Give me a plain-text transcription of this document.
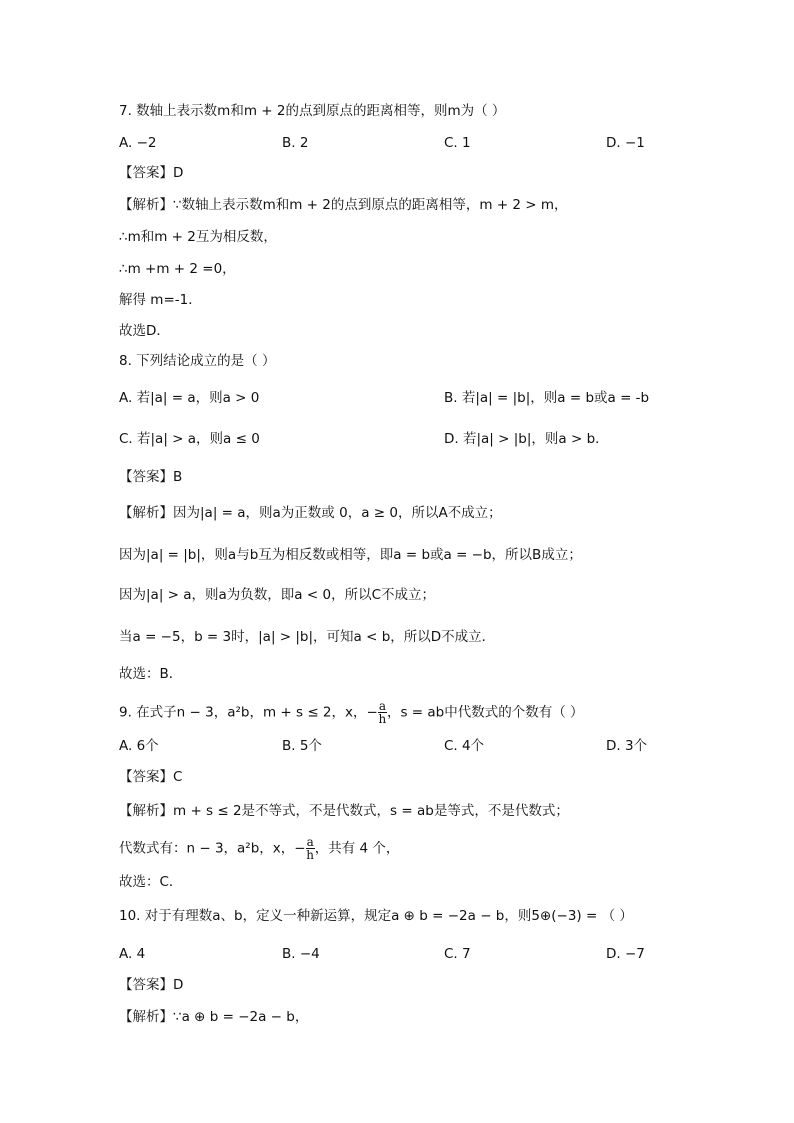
7. 数轴上表示数m和m + 2的点到原点的距离相等，则m为（ ）
A. −2	B. 2	C. 1	D. −1
【答案】D
【解析】∵数轴上表示数m和m + 2的点到原点的距离相等，m + 2 > m，
∴m和m + 2互为相反数，
∴m +m + 2 =0，
解得 m=-1．
故选D．
8. 下列结论成立的是（ ）
A. 若|a| = a，则a > 0	B. 若|a| = |b|，则a = b或a = -b
C. 若|a| > a，则a ≤ 0	D. 若|a| > |b|，则a > b．
【答案】B
【解析】因为|a| = a，则a为正数或 0，a ≥ 0，所以A不成立；
因为|a| = |b|，则a与b互为相反数或相等，即a = b或a = −b，所以B成立；
因为|a| > a，则a为负数，即a < 0，所以C不成立；
当a = −5，b = 3时，|a| > |b|，可知a < b，所以D不成立．
故选：B．
9. 在式子n − 3，a²b，m + s ≤ 2，x，− $\frac{a}{h}$ ，s = ab中代数式的个数有（ ）
A. 6个	B. 5个	C. 4个	D. 3个
【答案】C
【解析】m + s ≤ 2是不等式，不是代数式，s = ab是等式，不是代数式；
代数式有：n − 3，a²b，x，− $\frac{a}{h}$ ，共有 4 个，
故选：C．
10. 对于有理数a、b，定义一种新运算，规定a ⊕ b = −2a − b，则5⊕(−3) = （ ）
A. 4	B. −4	C. 7	D. −7
【答案】D
【解析】∵a ⊕ b = −2a − b，
